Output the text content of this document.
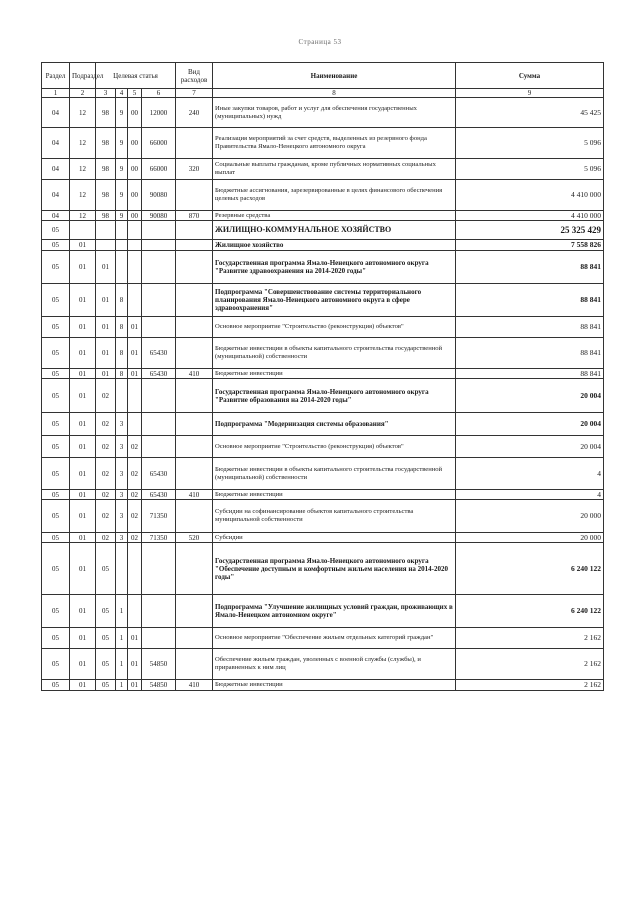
Страница 53
Раздел	Подраздел	Целевая статья				Вид расходов	Наименование	Сумма
1	2	3	4	5	6	7	8	9
04	12	98	9	00	12000	240	Иные закупки товаров, работ и услуг для обеспечения государственных (муниципальных) нужд	45 425
04	12	98	9	00	66000		Реализация мероприятий за счет средств, выделенных из резервного фонда Правительства Ямало-Ненецкого автономного округа	5 096
04	12	98	9	00	66000	320	Социальные выплаты гражданам, кроме публичных нормативных социальных выплат	5 096
04	12	98	9	00	90080		Бюджетные ассигнования, зарезервированные в целях финансового обеспечения целевых расходов	4 410 000
04	12	98	9	00	90080	870	Резервные средства	4 410 000
05							ЖИЛИЩНО-КОММУНАЛЬНОЕ ХОЗЯЙСТВО	25 325 429
05	01						Жилищное хозяйство	7 558 826
05	01	01					Государственная программа Ямало-Ненецкого автономного округа "Развитие здравоохранения на 2014-2020 годы"	88 841
05	01	01	8				Подпрограмма "Совершенствование системы территориального планирования Ямало-Ненецкого автономного округа в сфере здравоохранения"	88 841
05	01	01	8	01			Основное мероприятие "Строительство (реконструкция) объектов"	88 841
05	01	01	8	01	65430		Бюджетные инвестиции в объекты капитального строительства государственной (муниципальной) собственности	88 841
05	01	01	8	01	65430	410	Бюджетные инвестиции	88 841
05	01	02					Государственная программа Ямало-Ненецкого автономного округа "Развитие образования на 2014-2020 годы"	20 004
05	01	02	3				Подпрограмма "Модернизация системы образования"	20 004
05	01	02	3	02			Основное мероприятие "Строительство (реконструкция) объектов"	20 004
05	01	02	3	02	65430		Бюджетные инвестиции в объекты капитального строительства государственной (муниципальной) собственности	4
05	01	02	3	02	65430	410	Бюджетные инвестиции	4
05	01	02	3	02	71350		Субсидии на софинансирование объектов капитального строительства муниципальной собственности	20 000
05	01	02	3	02	71350	520	Субсидии	20 000
05	01	05					Государственная программа Ямало-Ненецкого автономного округа "Обеспечение доступным и комфортным жильем населения на 2014-2020 годы"	6 240 122
05	01	05	1				Подпрограмма "Улучшение жилищных условий граждан, проживающих в Ямало-Ненецком автономном округе"	6 240 122
05	01	05	1	01			Основное мероприятие "Обеспечение жильем отдельных категорий граждан"	2 162
05	01	05	1	01	54850		Обеспечение жильем граждан, уволенных с военной службы (службы), и приравненных к ним лиц	2 162
05	01	05	1	01	54850	410	Бюджетные инвестиции	2 162
